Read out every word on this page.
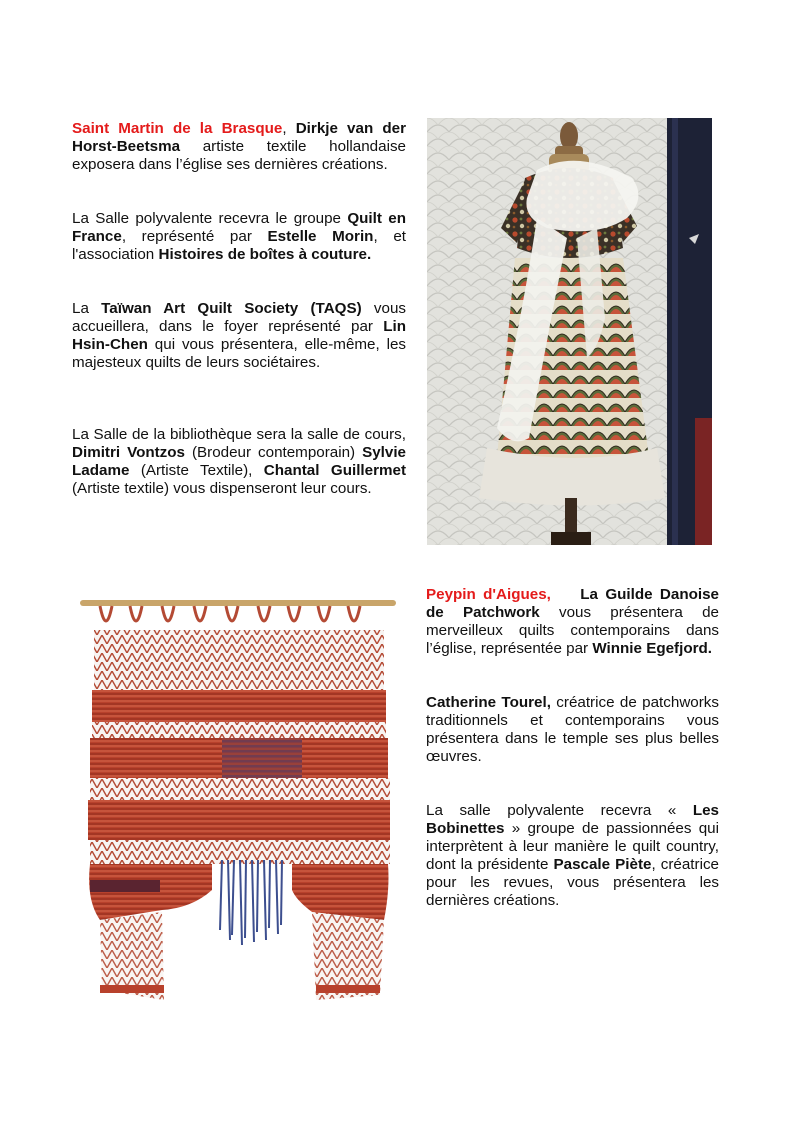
Saint Martin de la Brasque, Dirkje van der Horst-Beetsma artiste textile hollandaise exposera dans l’église ses dernières créations.

La Salle polyvalente recevra le groupe Quilt en France, représenté par Estelle Morin, et l'association Histoires de boîtes à couture.

La Taïwan Art Quilt Society (TAQS) vous accueillera, dans le foyer représenté par Lin Hsin-Chen qui vous présentera, elle-même, les majesteux quilts de leurs sociétaires.

La Salle de la bibliothèque sera la salle de cours, Dimitri Vontzos (Brodeur contemporain) Sylvie Ladame (Artiste Textile), Chantal Guillermet (Artiste textile) vous dispenseront leur cours.

Peypin d'Aigues, La Guilde Danoise de Patchwork vous présentera de merveilleux quilts contemporains dans l’église, représentée par Winnie Egefjord.

Catherine Tourel, créatrice de patchworks traditionnels et contemporains vous présentera dans le temple ses plus belles œuvres.

La salle polyvalente recevra « Les Bobinettes » groupe de passionnées qui interprètent à leur manière le quilt country, dont la présidente Pascale Piète, créatrice pour les revues, vous présentera les dernières créations.
